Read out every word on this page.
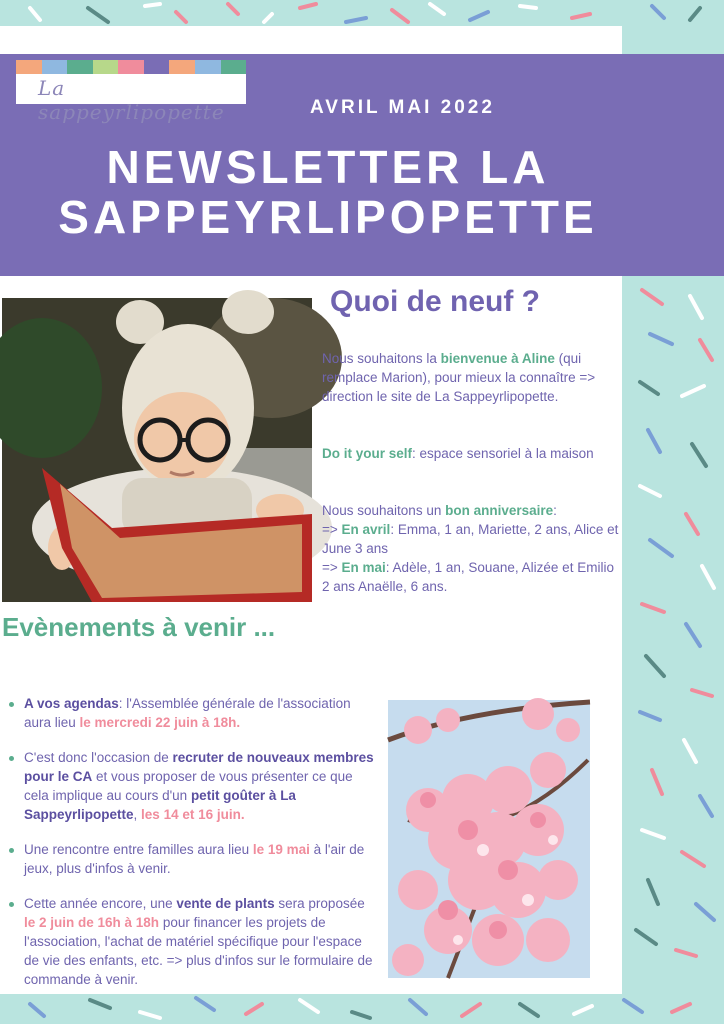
La sappeyrlipopette	AVRIL MAI 2022
NEWSLETTER LA
SAPPEYRLIPOPETTE
Quoi de neuf ?
Nous souhaitons la bienvenue à Aline (qui remplace Marion), pour mieux la connaître => direction le site de La Sappeyrlipopette.
Do it your self: espace sensoriel à la maison
Nous souhaitons un bon anniversaire:
=> En avril: Emma, 1 an, Mariette, 2 ans, Alice et June 3 ans
=> En mai: Adèle, 1 an, Souane, Alizée et Emilio 2 ans Anaëlle, 6 ans.
Evènements à venir ...
A vos agendas: l'Assemblée générale de l'association aura lieu le mercredi 22 juin à 18h.
C'est donc l'occasion de recruter de nouveaux membres pour le CA et vous proposer de vous présenter ce que cela implique au cours d'un petit goûter à La Sappeyrlipopette, les 14 et 16 juin.
Une rencontre entre familles aura lieu le 19 mai à l'air de jeux, plus d'infos à venir.
Cette année encore, une vente de plants sera proposée le 2 juin de 16h à 18h pour financer les projets de l'association, l'achat de matériel spécifique pour l'espace de vie des enfants, etc. => plus d'infos sur le formulaire de commande à venir.
